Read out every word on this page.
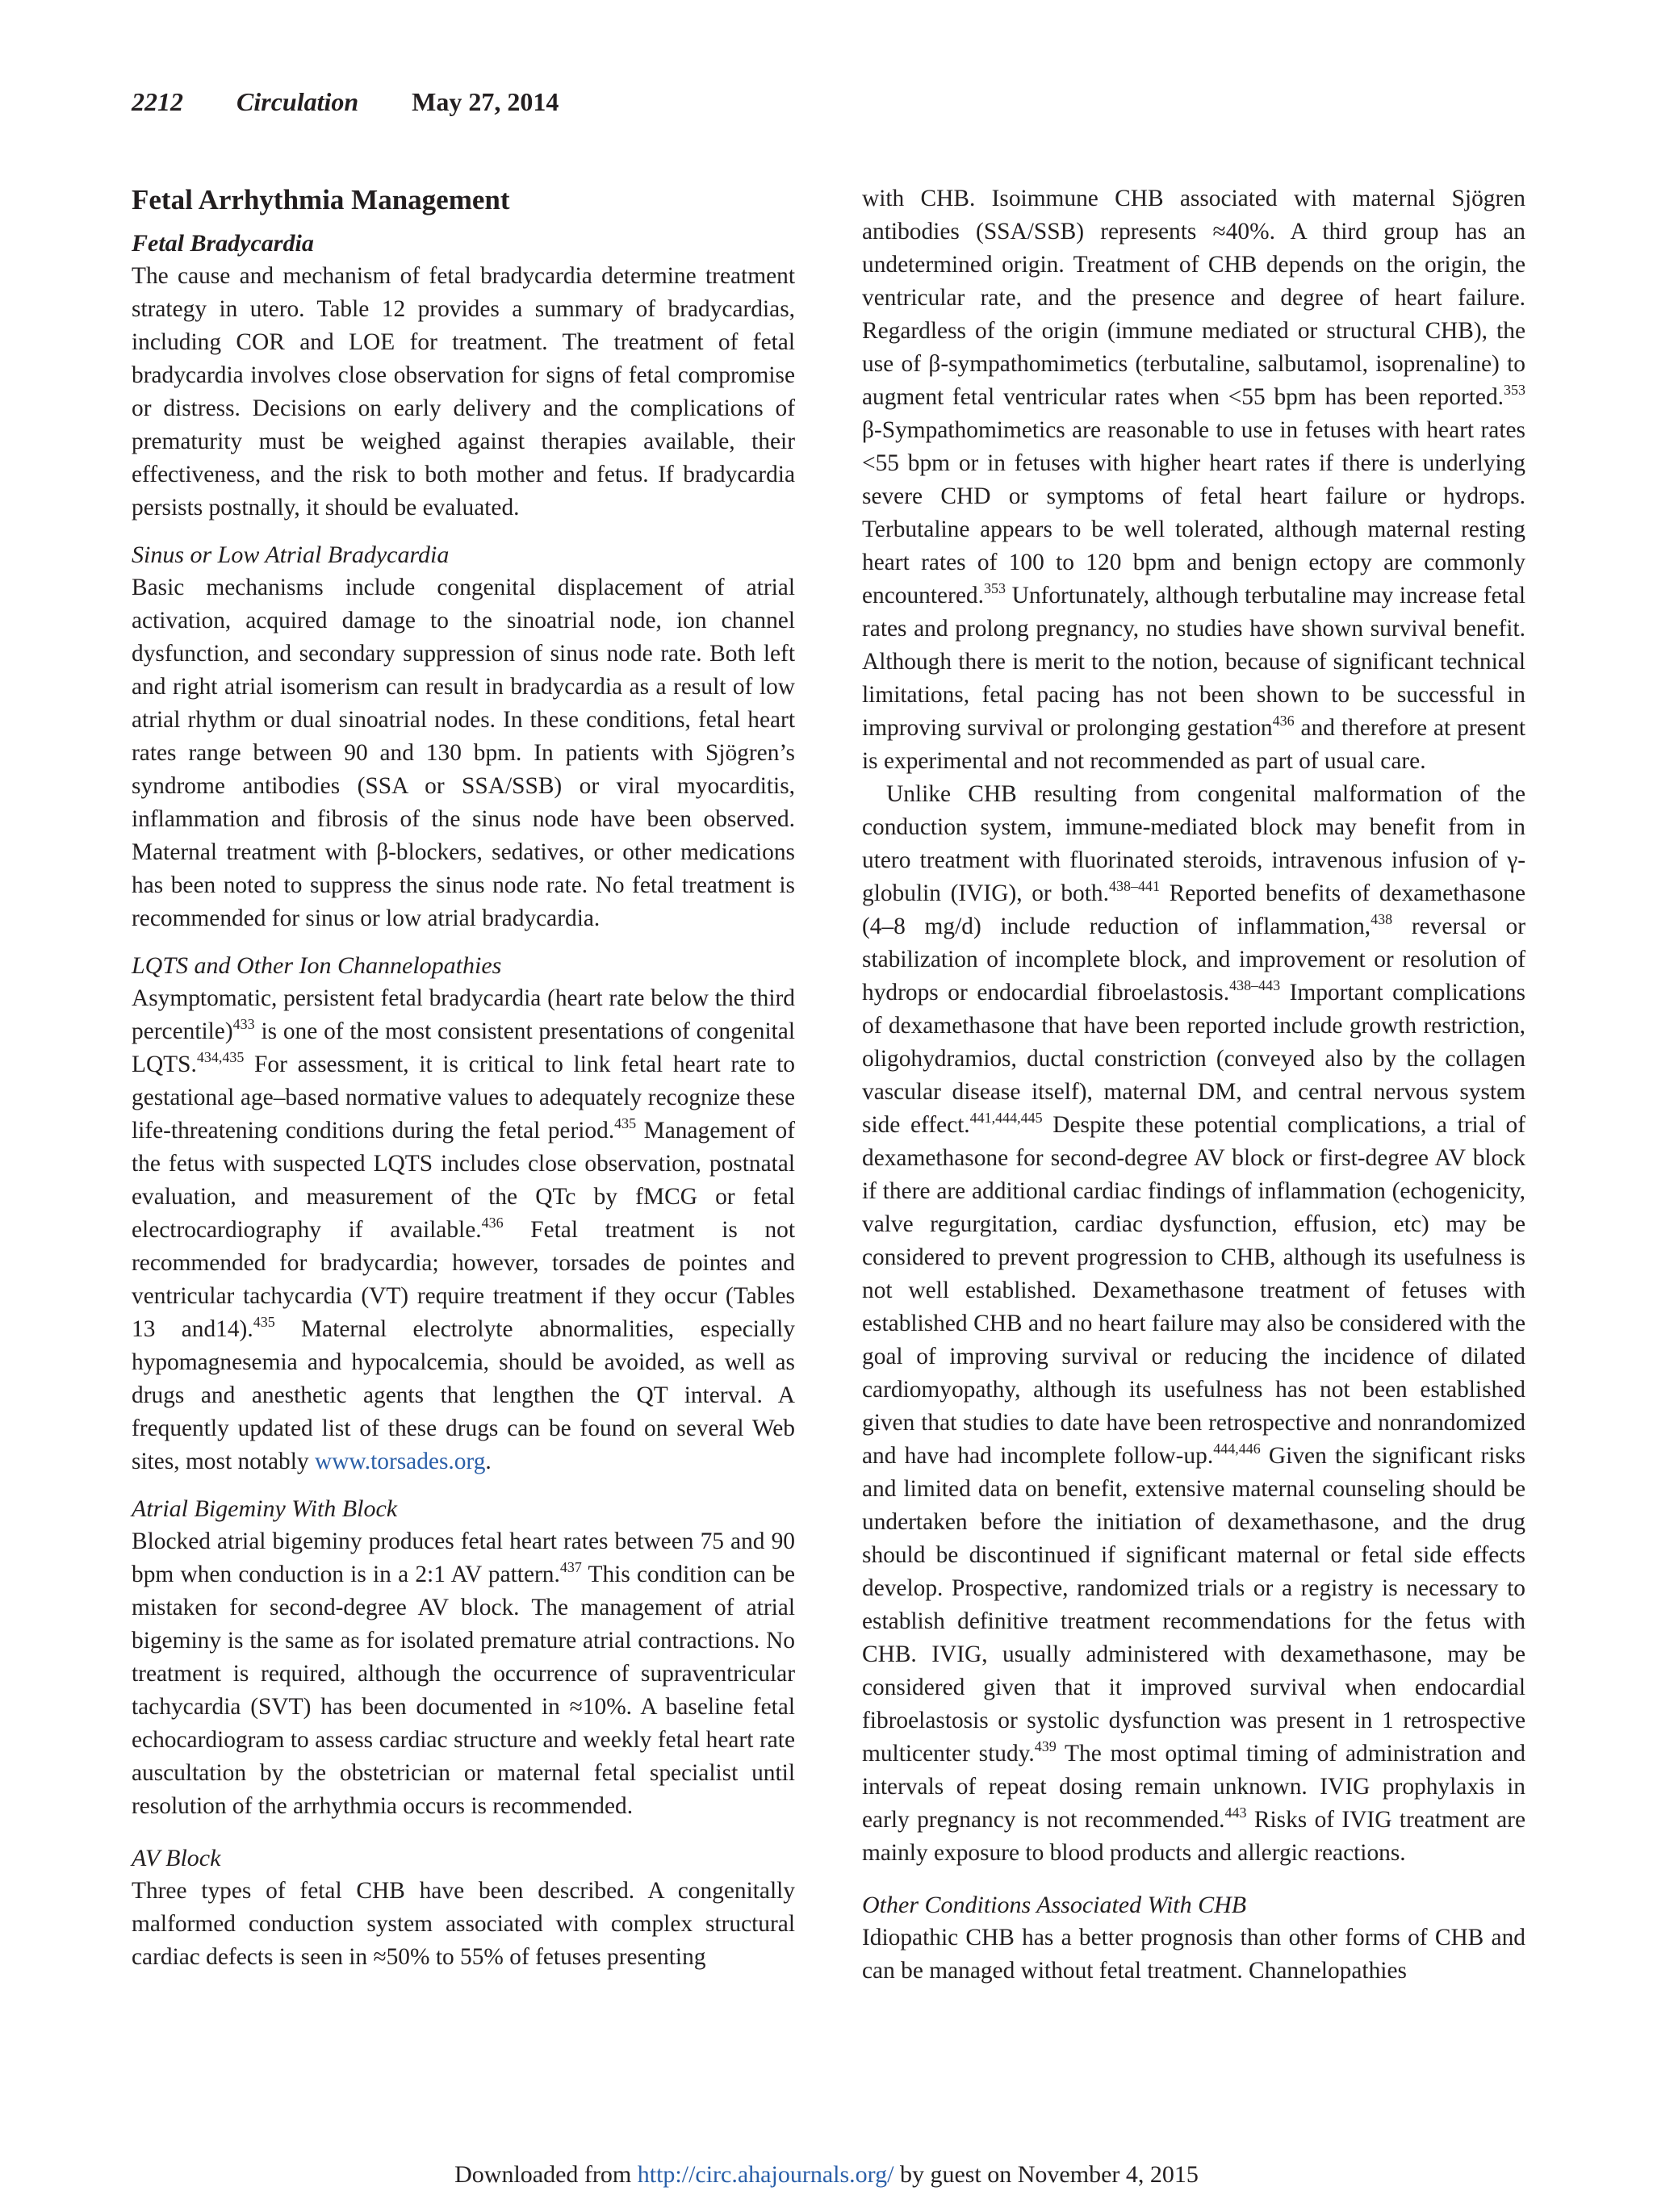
2212 Circulation May 27, 2014
Fetal Arrhythmia Management
Fetal Bradycardia

The cause and mechanism of fetal bradycardia determine treatment strategy in utero. Table 12 provides a summary of bradycardias, including COR and LOE for treatment. The treatment of fetal bradycardia involves close observation for signs of fetal compromise or distress. Decisions on early delivery and the complications of prematurity must be weighed against therapies available, their effectiveness, and the risk to both mother and fetus. If bradycardia persists postnally, it should be evaluated.

Sinus or Low Atrial Bradycardia

Basic mechanisms include congenital displacement of atrial activation, acquired damage to the sinoatrial node, ion channel dysfunction, and secondary suppression of sinus node rate. Both left and right atrial isomerism can result in bradycardia as a result of low atrial rhythm or dual sinoatrial nodes. In these conditions, fetal heart rates range between 90 and 130 bpm. In patients with Sjögren’s syndrome antibodies (SSA or SSA/SSB) or viral myocarditis, inflammation and fibrosis of the sinus node have been observed. Maternal treatment with β-blockers, sedatives, or other medications has been noted to suppress the sinus node rate. No fetal treatment is recommended for sinus or low atrial bradycardia.

LQTS and Other Ion Channelopathies

Asymptomatic, persistent fetal bradycardia (heart rate below the third percentile)$^{433}$ is one of the most consistent presentations of congenital LQTS.$^{434,435}$ For assessment, it is critical to link fetal heart rate to gestational age–based normative values to adequately recognize these life-threatening conditions during the fetal period.$^{435}$ Management of the fetus with suspected LQTS includes close observation, postnatal evaluation, and measurement of the QTc by fMCG or fetal electrocardiography if available.$^{436}$ Fetal treatment is not recommended for bradycardia; however, torsades de pointes and ventricular tachycardia (VT) require treatment if they occur (Tables 13 and14).$^{435}$ Maternal electrolyte abnormalities, especially hypomagnesemia and hypocalcemia, should be avoided, as well as drugs and anesthetic agents that lengthen the QT interval. A frequently updated list of these drugs can be found on several Web sites, most notably www.torsades.org.

Atrial Bigeminy With Block

Blocked atrial bigeminy produces fetal heart rates between 75 and 90 bpm when conduction is in a 2:1 AV pattern.$^{437}$ This condition can be mistaken for second-degree AV block. The management of atrial bigeminy is the same as for isolated premature atrial contractions. No treatment is required, although the occurrence of supraventricular tachycardia (SVT) has been documented in ≈10%. A baseline fetal echocardiogram to assess cardiac structure and weekly fetal heart rate auscultation by the obstetrician or maternal fetal specialist until resolution of the arrhythmia occurs is recommended.

AV Block

Three types of fetal CHB have been described. A congenitally malformed conduction system associated with complex structural cardiac defects is seen in ≈50% to 55% of fetuses presenting

with CHB. Isoimmune CHB associated with maternal Sjögren antibodies (SSA/SSB) represents ≈40%. A third group has an undetermined origin. Treatment of CHB depends on the origin, the ventricular rate, and the presence and degree of heart failure. Regardless of the origin (immune mediated or structural CHB), the use of β-sympathomimetics (terbutaline, salbutamol, isoprenaline) to augment fetal ventricular rates when <55 bpm has been reported.$^{353}$ β-Sympathomimetics are reasonable to use in fetuses with heart rates <55 bpm or in fetuses with higher heart rates if there is underlying severe CHD or symptoms of fetal heart failure or hydrops. Terbutaline appears to be well tolerated, although maternal resting heart rates of 100 to 120 bpm and benign ectopy are commonly encountered.$^{353}$ Unfortunately, although terbutaline may increase fetal rates and prolong pregnancy, no studies have shown survival benefit. Although there is merit to the notion, because of significant technical limitations, fetal pacing has not been shown to be successful in improving survival or prolonging gestation$^{436}$ and therefore at present is experimental and not recommended as part of usual care.

Unlike CHB resulting from congenital malformation of the conduction system, immune-mediated block may benefit from in utero treatment with fluorinated steroids, intravenous infusion of γ-globulin (IVIG), or both.$^{438-441}$ Reported benefits of dexamethasone (4–8 mg/d) include reduction of inflammation,$^{438}$ reversal or stabilization of incomplete block, and improvement or resolution of hydrops or endocardial fibroelastosis.$^{438-443}$ Important complications of dexamethasone that have been reported include growth restriction, oligohydramios, ductal constriction (conveyed also by the collagen vascular disease itself), maternal DM, and central nervous system side effect.$^{441,444,445}$ Despite these potential complications, a trial of dexamethasone for second-degree AV block or first-degree AV block if there are additional cardiac findings of inflammation (echogenicity, valve regurgitation, cardiac dysfunction, effusion, etc) may be considered to prevent progression to CHB, although its usefulness is not well established. Dexamethasone treatment of fetuses with established CHB and no heart failure may also be considered with the goal of improving survival or reducing the incidence of dilated cardiomyopathy, although its usefulness has not been established given that studies to date have been retrospective and nonrandomized and have had incomplete follow-up.$^{444,446}$ Given the significant risks and limited data on benefit, extensive maternal counseling should be undertaken before the initiation of dexamethasone, and the drug should be discontinued if significant maternal or fetal side effects develop. Prospective, randomized trials or a registry is necessary to establish definitive treatment recommendations for the fetus with CHB. IVIG, usually administered with dexamethasone, may be considered given that it improved survival when endocardial fibroelastosis or systolic dysfunction was present in 1 retrospective multicenter study.$^{439}$ The most optimal timing of administration and intervals of repeat dosing remain unknown. IVIG prophylaxis in early pregnancy is not recommended.$^{443}$ Risks of IVIG treatment are mainly exposure to blood products and allergic reactions.

Other Conditions Associated With CHB

Idiopathic CHB has a better prognosis than other forms of CHB and can be managed without fetal treatment. Channelopathies

Downloaded from http://circ.ahajournals.org/ by guest on November 4, 2015
